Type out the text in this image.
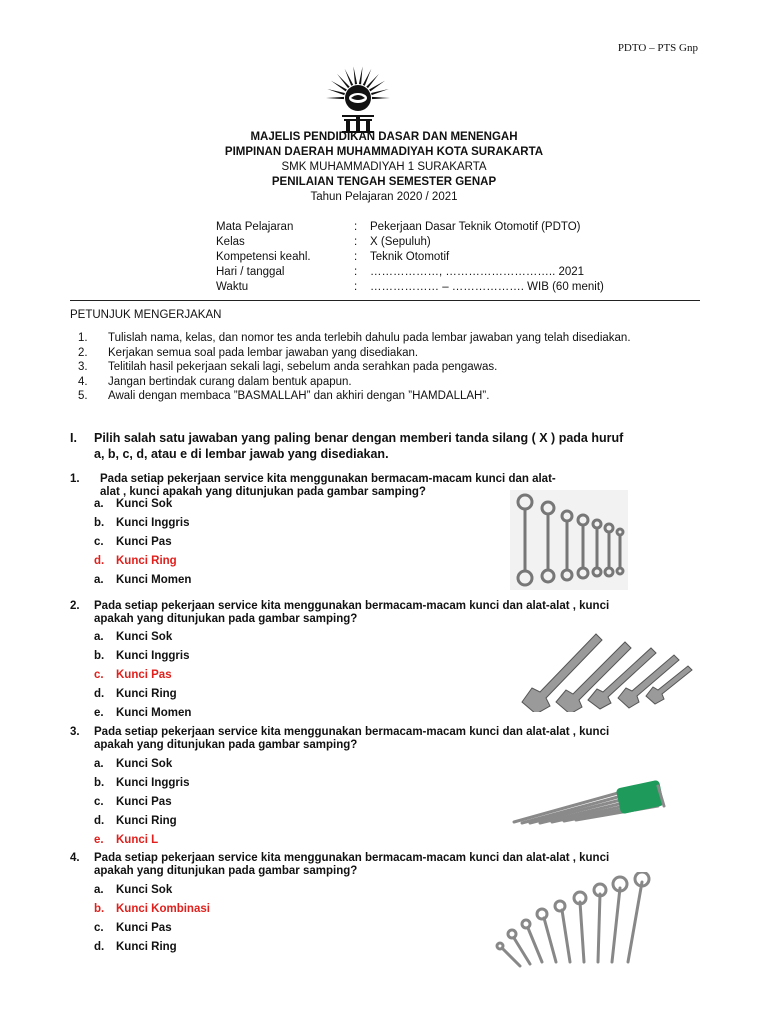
PDTO – PTS Gnp
MAJELIS PENDIDIKAN DASAR DAN MENENGAH
PIMPINAN DAERAH MUHAMMADIYAH KOTA SURAKARTA
SMK MUHAMMADIYAH 1 SURAKARTA
PENILAIAN TENGAH SEMESTER GENAP
Tahun Pelajaran 2020 / 2021
Mata Pelajaran	:	Pekerjaan Dasar Teknik Otomotif (PDTO)
Kelas	:	X (Sepuluh)
Kompetensi keahl.	:	Teknik Otomotif
Hari / tanggal	:	………………, ……………………….. 2021
Waktu	:	……………… – ………………. WIB (60 menit)
PETUNJUK MENGERJAKAN
1.	Tulislah nama, kelas, dan nomor tes anda terlebih dahulu pada lembar jawaban yang telah disediakan.
2.	Kerjakan semua soal pada lembar jawaban yang disediakan.
3.	Telitilah hasil pekerjaan sekali lagi, sebelum anda serahkan pada pengawas.
4.	Jangan bertindak curang dalam bentuk apapun.
5.	Awali dengan membaca ”BASMALLAH” dan akhiri dengan ”HAMDALLAH”.
I. Pilih salah satu jawaban yang paling benar dengan memberi tanda silang ( X ) pada huruf
a, b, c, d, atau e di lembar jawab yang disediakan.
1.	Pada setiap pekerjaan service kita menggunakan bermacam-macam kunci dan alat-
alat , kunci apakah yang ditunjukan pada gambar samping?
a.	Kunci Sok
b.	Kunci Inggris
c.	Kunci Pas
d.	Kunci Ring
a.	Kunci Momen
2.	Pada setiap pekerjaan service kita menggunakan bermacam-macam kunci dan alat-alat , kunci
apakah yang ditunjukan pada gambar samping?
a.	Kunci Sok
b.	Kunci Inggris
c.	Kunci Pas
d.	Kunci Ring
e.	Kunci Momen
3.	Pada setiap pekerjaan service kita menggunakan bermacam-macam kunci dan alat-alat , kunci
apakah yang ditunjukan pada gambar samping?
a.	Kunci Sok
b.	Kunci Inggris
c.	Kunci Pas
d.	Kunci Ring
e.	Kunci L
4.	Pada setiap pekerjaan service kita menggunakan bermacam-macam kunci dan alat-alat , kunci
apakah yang ditunjukan pada gambar samping?
a.	Kunci Sok
b.	Kunci Kombinasi
c.	Kunci Pas
d.	Kunci Ring
